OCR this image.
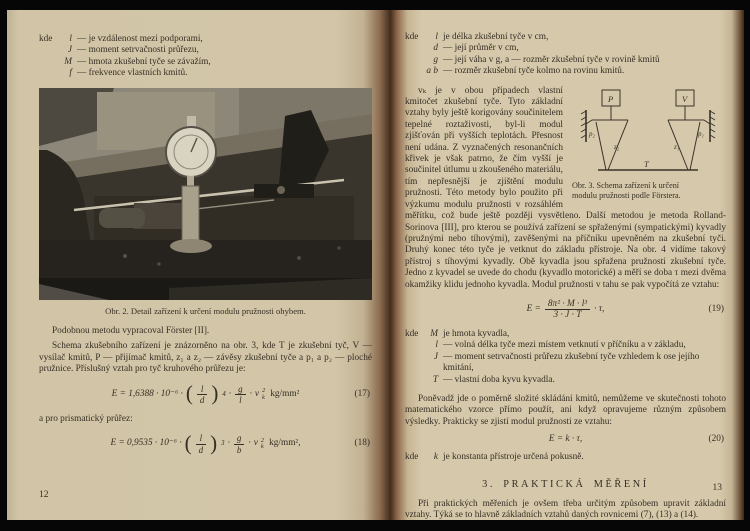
kde	l — je vzdálenost mezi podporami,
J — moment setrvačnosti průřezu,
M — hmota zkušební tyče se závažím,
f — frekvence vlastních kmitů.
Obr. 2. Detail zařízení k určení modulu pružnosti ohybem.

Podobnou metodu vypracoval Förster [II].

Schema zkušebního zařízení je znázorněno na obr. 3, kde T je zkušební tyč, V — vysílač kmitů, P — přijímač kmitů, z₁ a z₂ — závěsy zkušební tyče a p₁ a p₂ — ploché pružnice. Příslušný vztah pro tyč kruhového průřezu je:

E = 1,6388 · 10⁻⁶ · ( $\frac{l}{d}$ ) $4 \cdot \frac{g}{l} \cdot v$ 2
k kg/mm²	(17)

a pro prismatický průřez:

E = 0,9535 · 10⁻⁶ · ( $\frac{l}{d}$ ) $3 \cdot \frac{g}{b} \cdot v$ 2
k kg/mm²,	(18)
12
kde	l je délka zkušební tyče v cm,
d — její průměr v cm,
g — její váha v g, a — rozměr zkušební tyče v rovině kmitů
a b — rozměr zkušební tyče kolmo na rovinu kmitů.
P	V
p₂	p₁
z₂	z₁
T
Obr. 3. Schema zařízení k určení
modulu pružnosti podle Förstera.

vₖ je v obou případech vlastní kmitočet zkušební tyče. Tyto základní vztahy byly ještě korigovány součinitelem tepelné roztaživosti, byl-li modul zjišťován při vyšších teplotách. Přesnost není udána. Z vyznačených resonančních křivek je však patrno, že čím vyšší je součinitel útlumu u zkoušeného materiálu, tím nepřesnější je zjištění modulu pružnosti. Této metody bylo použito při výzkumu modulu pružnosti v rozsáhlém měřítku, což bude ještě později vysvětleno. Další metodou je metoda Rolland-Sorinova [III], pro kterou se používá zařízení se spřaženými (sympatickými) kyvadly (pružnými nebo tíhovými), zavěšenými na příčníku upevněném na zkušební tyči. Druhý konec této tyče je vetknut do základu přístroje. Na obr. 4 vidíme takový přístroj s tíhovými kyvadly. Obě kyvadla jsou spřažena pružností zkušební tyče. Jedno z kyvadel se uvede do chodu (kyvadlo motorické) a měří se doba τ mezi dvěma okamžiky klidu jednoho kyvadla. Modul pružnosti v tahu se pak vypočítá ze vztahu:

$E = \frac{\text{8π² · M · l³}}{3 \cdot J \cdot T} \cdot \tau$,	(19)
kde	M je hmota kyvadla,
l — volná délka tyče mezi místem vetknutí v příčníku a v základu,
J — moment setrvačnosti průřezu zkušební tyče vzhledem k ose jejího kmitání,
T — vlastní doba kyvu kyvadla.

Poněvadž jde o poměrně složité skládání kmitů, nemůžeme ve skutečnosti tohoto matematického vzorce přímo použít, ani když opravujeme různým způsobem výsledky. Prakticky se zjistí modul pružnosti ze vztahu:

E = k · τ,	(20)
kde	k je konstanta přístroje určená pokusně.
3. PRAKTICKÁ MĚŘENÍ

Při praktických měřeních je ovšem třeba určitým způsobem upravit základní vztahy. Týká se to hlavně základních vztahů daných rovnicemi (7), (13) a (14).

13
